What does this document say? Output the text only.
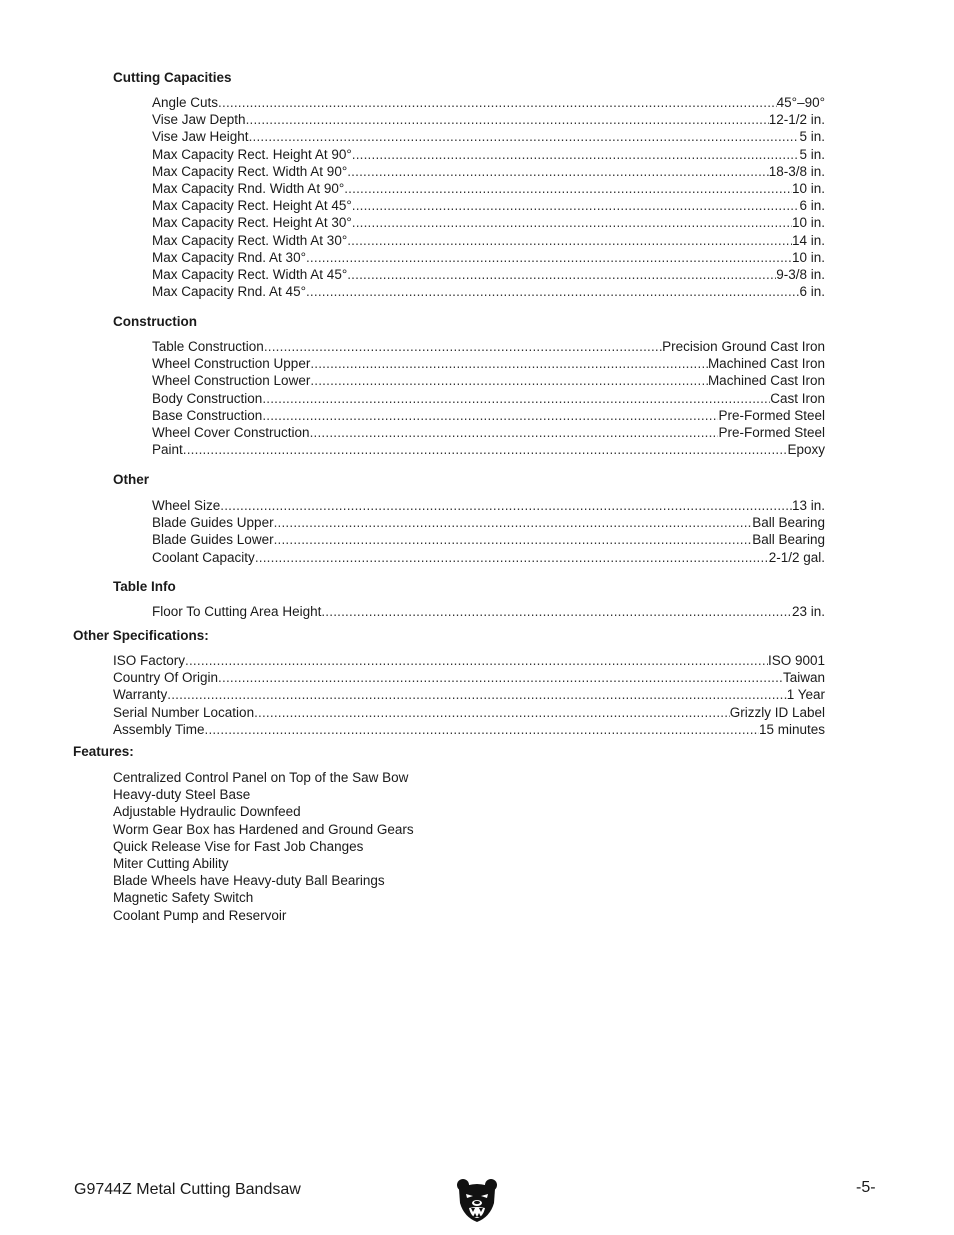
Cutting Capacities
Angle Cuts .....	45°–90°
Vise Jaw Depth .....	12-1/2 in.
Vise Jaw Height .....	5 in.
Max Capacity Rect. Height At 90° .....	5 in.
Max Capacity Rect. Width At 90° .....	18-3/8 in.
Max Capacity Rnd. Width At 90° .....	10 in.
Max Capacity Rect. Height At 45° .....	6 in.
Max Capacity Rect. Height At 30° .....	10 in.
Max Capacity Rect. Width At 30° .....	14 in.
Max Capacity Rnd. At 30° .....	10 in.
Max Capacity Rect. Width At 45° .....	9-3/8 in.
Max Capacity Rnd. At 45° .....	6 in.
Construction
Table Construction .....	Precision Ground Cast Iron
Wheel Construction Upper .....	Machined Cast Iron
Wheel Construction Lower .....	Machined Cast Iron
Body Construction .....	Cast Iron
Base Construction .....	Pre-Formed Steel
Wheel Cover Construction .....	Pre-Formed Steel
Paint .....	Epoxy
Other
Wheel Size .....	13 in.
Blade Guides Upper .....	Ball Bearing
Blade Guides Lower .....	Ball Bearing
Coolant Capacity .....	2-1/2 gal.
Table Info
Floor To Cutting Area Height .....	23 in.
Other Specifications:
ISO Factory .....	ISO 9001
Country Of Origin .....	Taiwan
Warranty .....	1 Year
Serial Number Location .....	Grizzly ID Label
Assembly Time .....	15 minutes
Features:
Centralized Control Panel on Top of the Saw Bow
Heavy-duty Steel Base
Adjustable Hydraulic Downfeed
Worm Gear Box has Hardened and Ground Gears
Quick Release Vise for Fast Job Changes
Miter Cutting Ability
Blade Wheels have Heavy-duty Ball Bearings
Magnetic Safety Switch
Coolant Pump and Reservoir
G9744Z Metal Cutting Bandsaw	-5-
